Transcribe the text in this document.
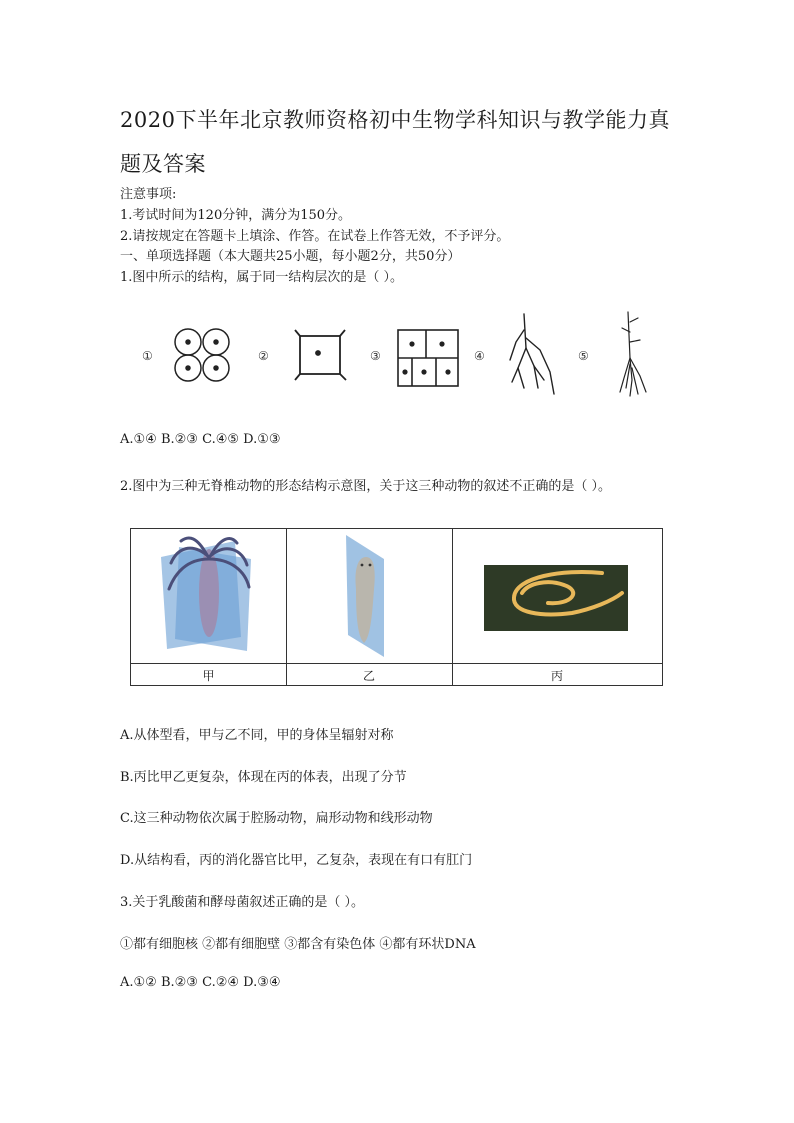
2020下半年北京教师资格初中生物学科知识与教学能力真
题及答案
注意事项:
1.考试时间为120分钟，满分为150分。
2.请按规定在答题卡上填涂、作答。在试卷上作答无效，不予评分。
一、单项选择题（本大题共25小题，每小题2分，共50分）
1.图中所示的结构，属于同一结构层次的是（ ）。
①	②	③	④	⑤
A.①④ B.②③ C.④⑤ D.①③
2.图中为三种无脊椎动物的形态结构示意图，关于这三种动物的叙述不正确的是（ ）。
甲	乙	丙
A.从体型看，甲与乙不同，甲的身体呈辐射对称
B.丙比甲乙更复杂，体现在丙的体表，出现了分节
C.这三种动物依次属于腔肠动物，扁形动物和线形动物
D.从结构看，丙的消化器官比甲，乙复杂，表现在有口有肛门
3.关于乳酸菌和酵母菌叙述正确的是（ ）。
①都有细胞核 ②都有细胞壁 ③都含有染色体 ④都有环状DNA
A.①② B.②③ C.②④ D.③④
